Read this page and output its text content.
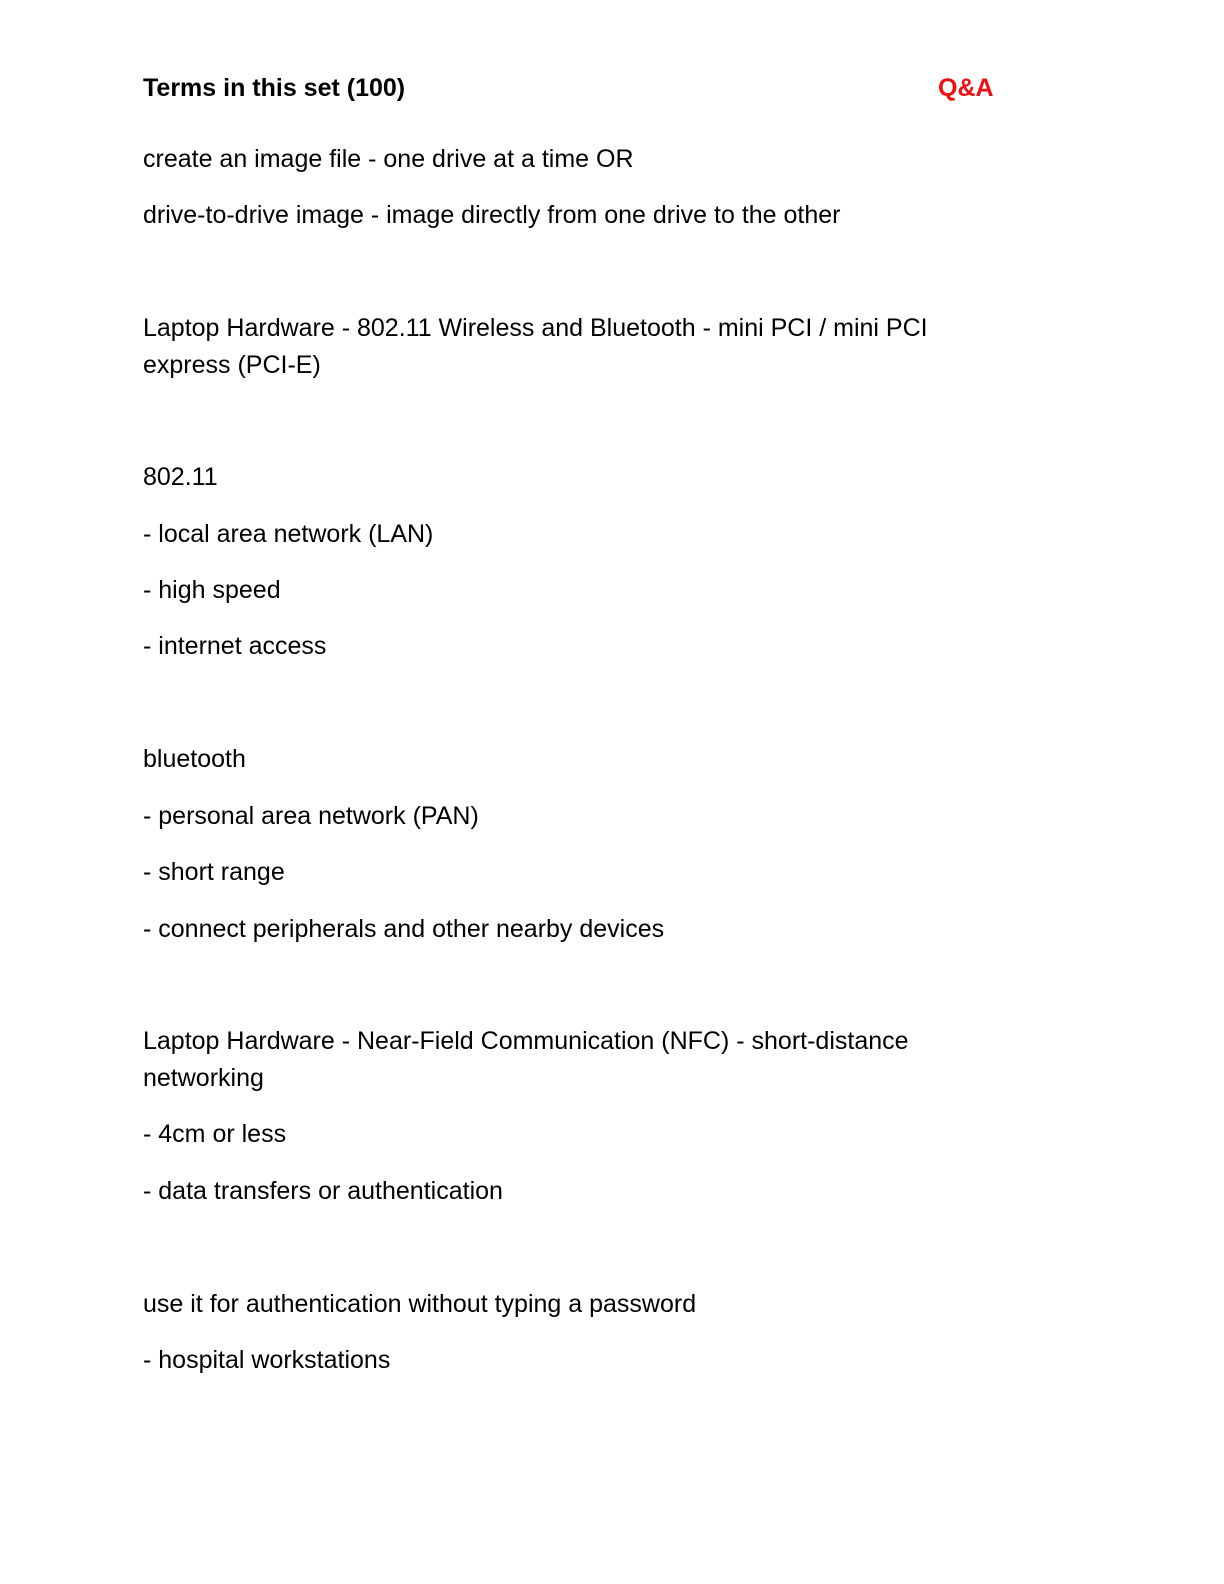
Terms in this set (100)	Q&A
create an image file - one drive at a time OR
drive-to-drive image - image directly from one drive to the other
Laptop Hardware - 802.11 Wireless and Bluetooth - mini PCI / mini PCI
express (PCI-E)
802.11
- local area network (LAN)
- high speed
- internet access
bluetooth
- personal area network (PAN)
- short range
- connect peripherals and other nearby devices
Laptop Hardware - Near-Field Communication (NFC) - short-distance
networking
- 4cm or less
- data transfers or authentication
use it for authentication without typing a password
- hospital workstations
